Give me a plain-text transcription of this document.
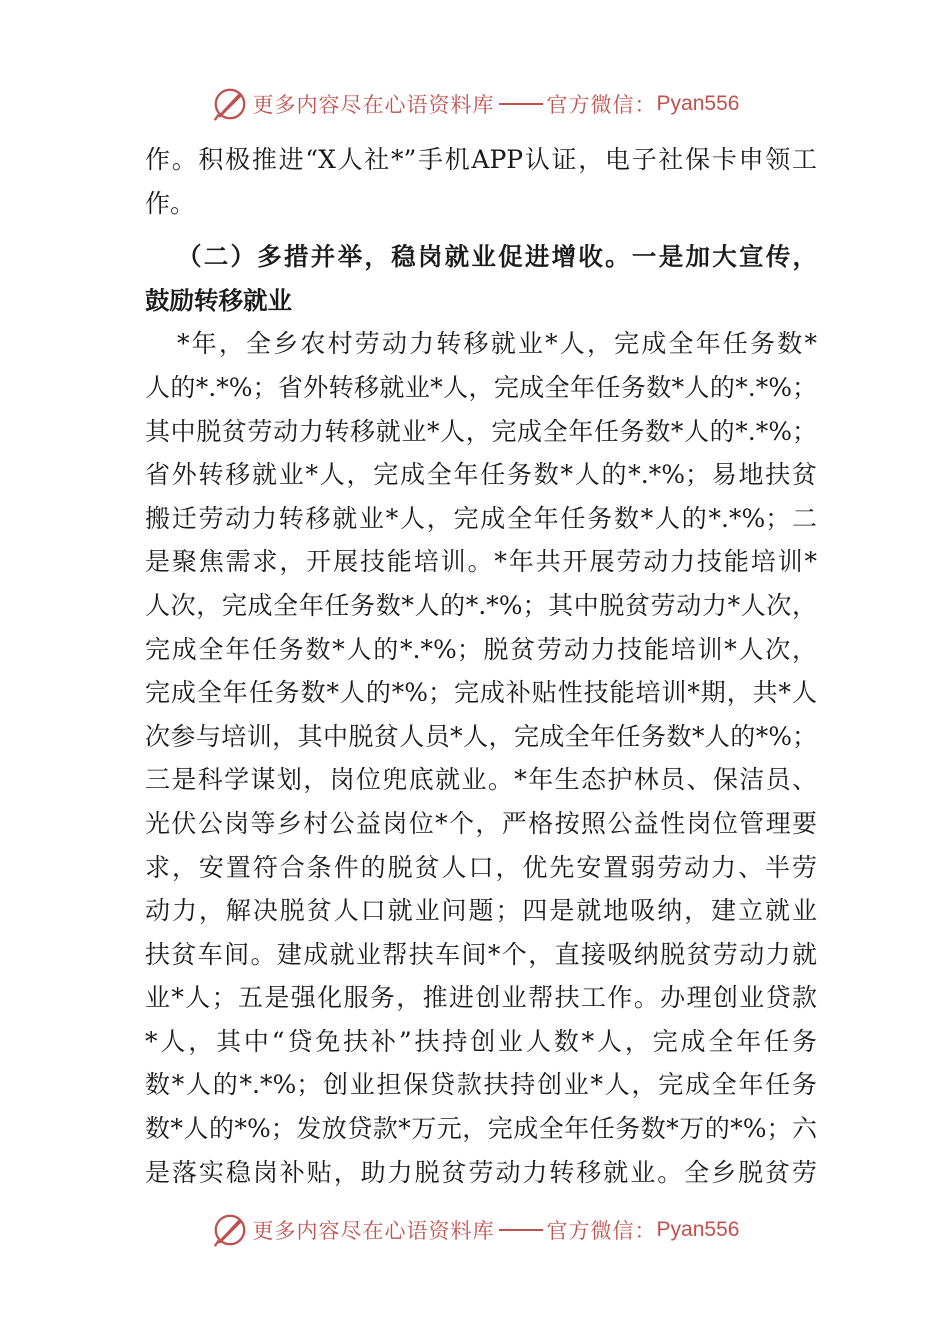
更多内容尽在心语资料库 官方微信： Pyan556
作。积极推进“X人社*”手机APP认证，电子社保卡申领工
作。
（二）多措并举，稳岗就业促进增收。一是加大宣传，
鼓励转移就业
*年，全乡农村劳动力转移就业*人，完成全年任务数*
人的*.*%；省外转移就业*人，完成全年任务数*人的*.*%；
其中脱贫劳动力转移就业*人，完成全年任务数*人的*.*%；
省外转移就业*人，完成全年任务数*人的*.*%；易地扶贫
搬迁劳动力转移就业*人，完成全年任务数*人的*.*%；二
是聚焦需求，开展技能培训。*年共开展劳动力技能培训*
人次，完成全年任务数*人的*.*%；其中脱贫劳动力*人次，
完成全年任务数*人的*.*%；脱贫劳动力技能培训*人次，
完成全年任务数*人的*%；完成补贴性技能培训*期，共*人
次参与培训，其中脱贫人员*人，完成全年任务数*人的*%；
三是科学谋划，岗位兜底就业。*年生态护林员、保洁员、
光伏公岗等乡村公益岗位*个，严格按照公益性岗位管理要
求，安置符合条件的脱贫人口，优先安置弱劳动力、半劳
动力，解决脱贫人口就业问题；四是就地吸纳，建立就业
扶贫车间。建成就业帮扶车间*个，直接吸纳脱贫劳动力就
业*人；五是强化服务，推进创业帮扶工作。办理创业贷款
*人，其中“贷免扶补”扶持创业人数*人，完成全年任务
数*人的*.*%；创业担保贷款扶持创业*人，完成全年任务
数*人的*%；发放贷款*万元，完成全年任务数*万的*%；六
是落实稳岗补贴，助力脱贫劳动力转移就业。全乡脱贫劳
更多内容尽在心语资料库 官方微信： Pyan556
